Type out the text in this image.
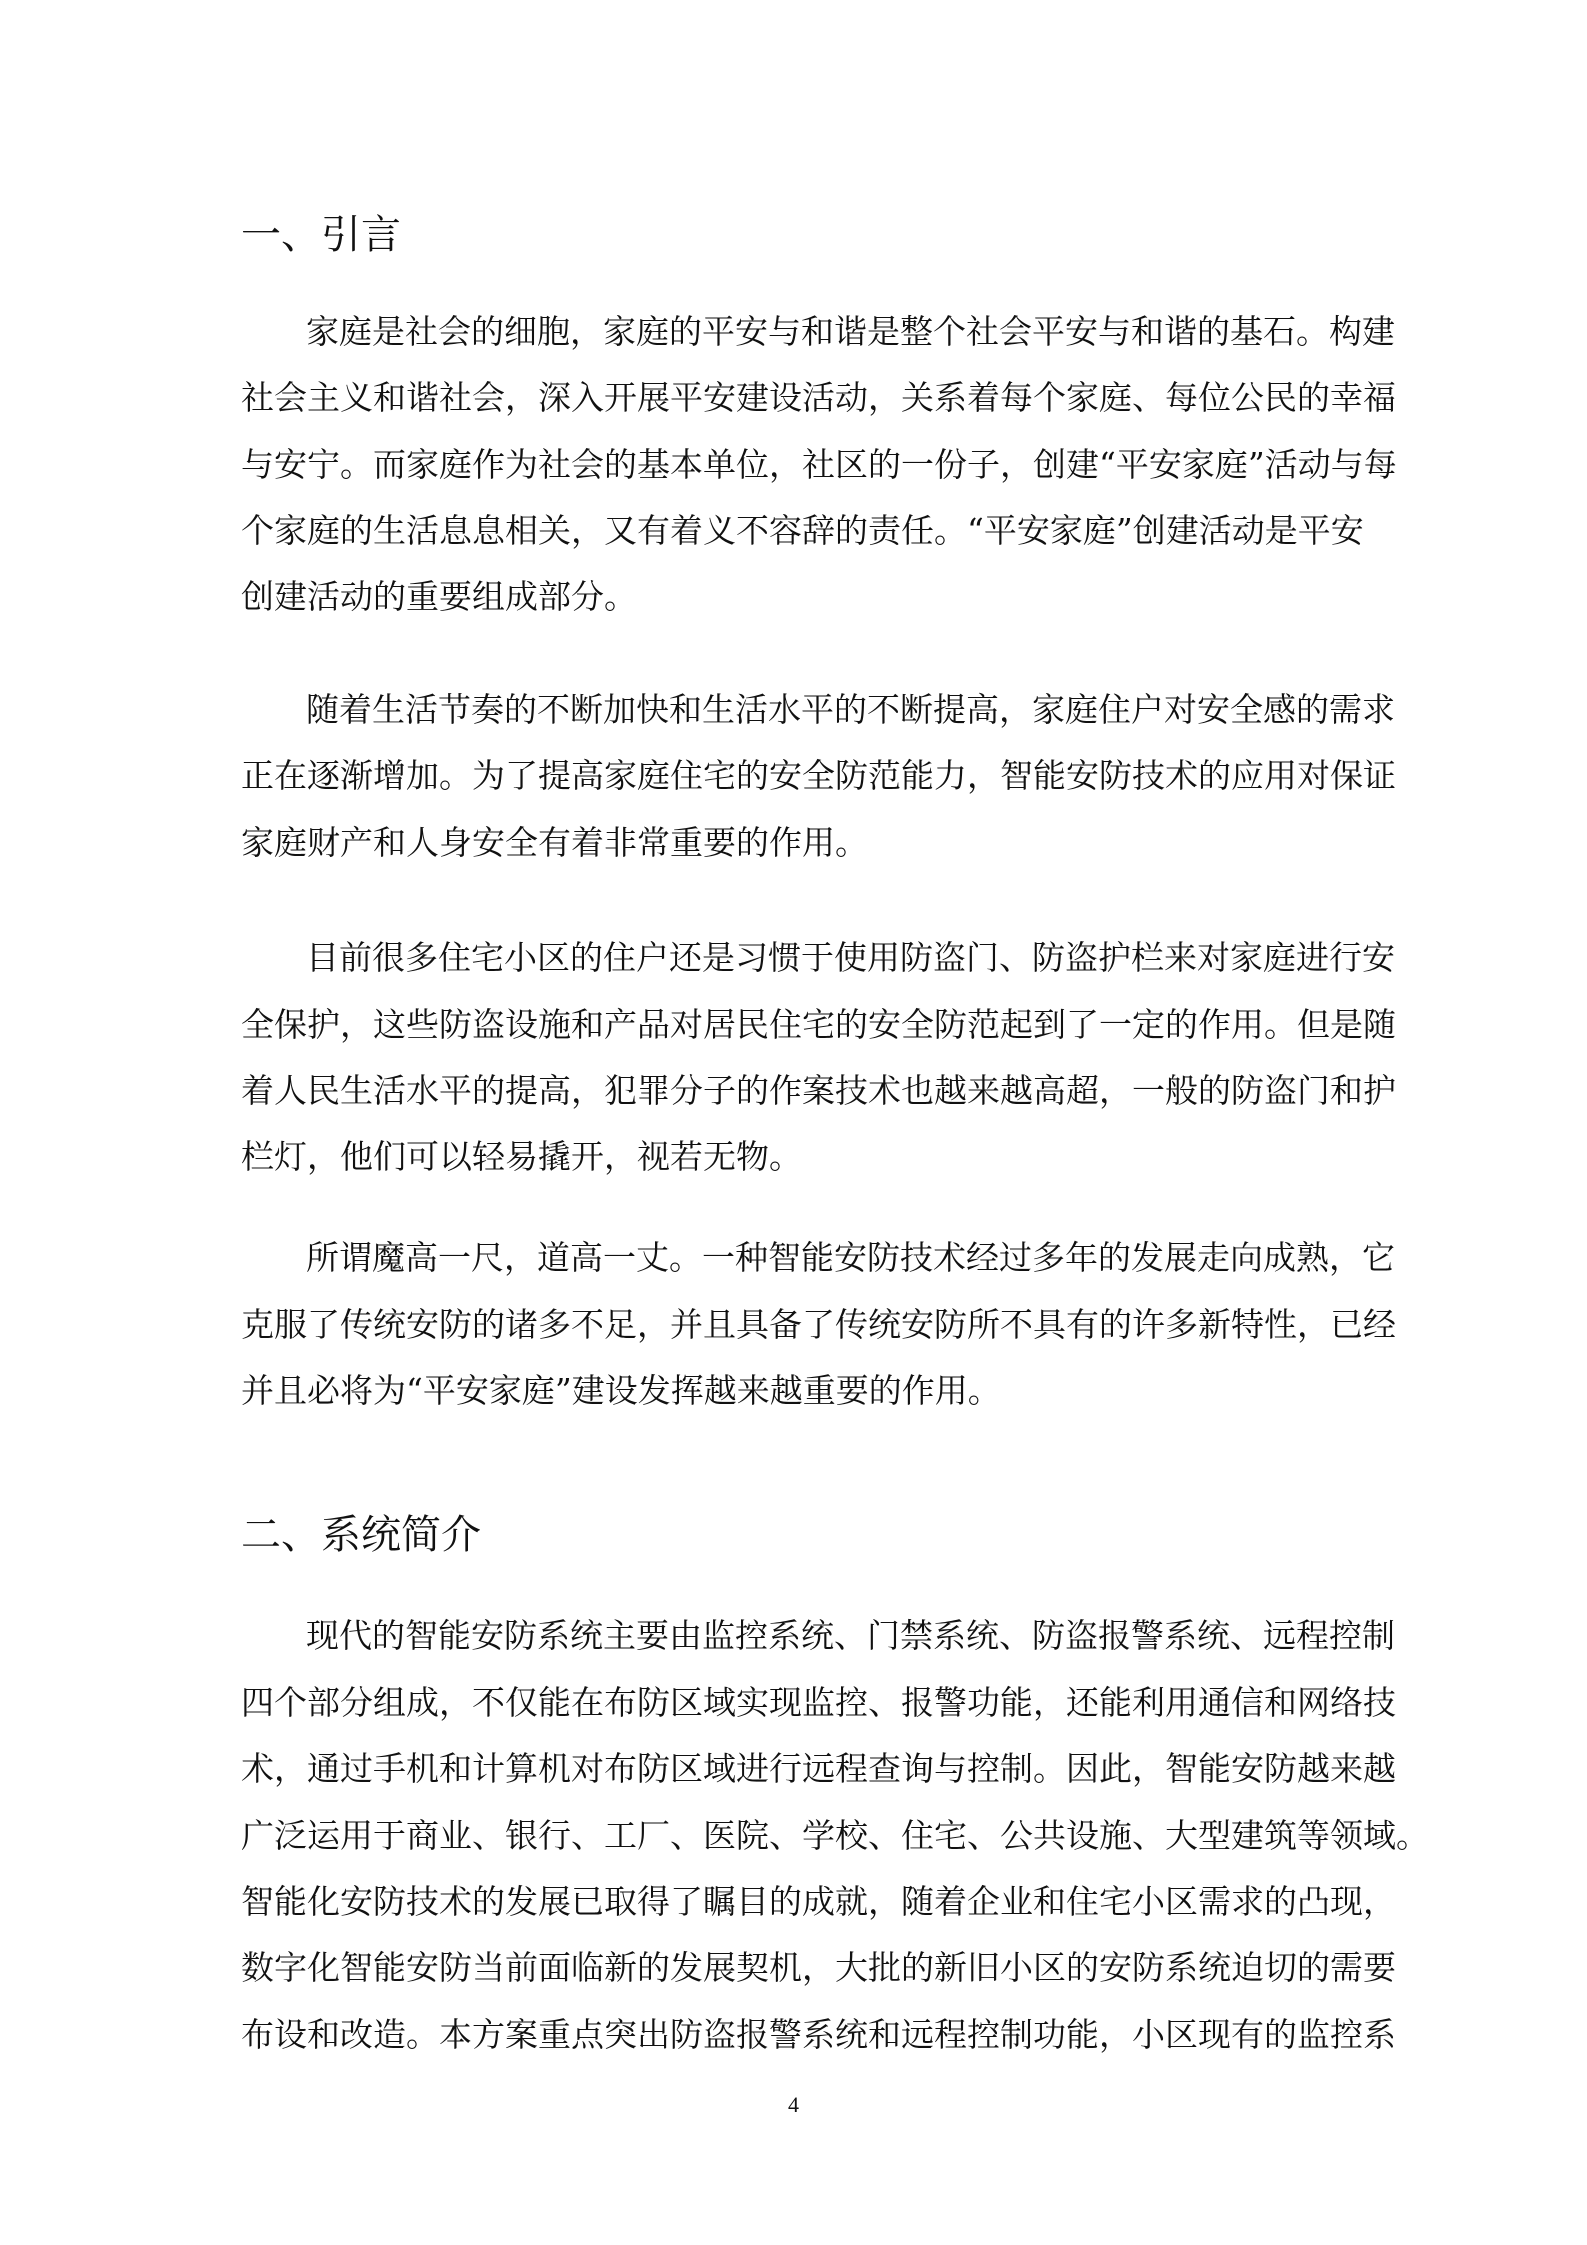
一、引言
二、系统简介
4
家庭是社会的细胞，家庭的平安与和谐是整个社会平安与和谐的基石。构建
社会主义和谐社会，深入开展平安建设活动，关系着每个家庭、每位公民的幸福
与安宁。而家庭作为社会的基本单位，社区的一份子，创建“平安家庭”活动与每
个家庭的生活息息相关，又有着义不容辞的责任。“平安家庭”创建活动是平安
创建活动的重要组成部分。
随着生活节奏的不断加快和生活水平的不断提高，家庭住户对安全感的需求
正在逐渐增加。为了提高家庭住宅的安全防范能力，智能安防技术的应用对保证
家庭财产和人身安全有着非常重要的作用。
目前很多住宅小区的住户还是习惯于使用防盗门、防盗护栏来对家庭进行安
全保护，这些防盗设施和产品对居民住宅的安全防范起到了一定的作用。但是随
着人民生活水平的提高，犯罪分子的作案技术也越来越高超，一般的防盗门和护
栏灯，他们可以轻易撬开，视若无物。
所谓魔高一尺，道高一丈。一种智能安防技术经过多年的发展走向成熟，它
克服了传统安防的诸多不足，并且具备了传统安防所不具有的许多新特性，已经
并且必将为“平安家庭”建设发挥越来越重要的作用。
现代的智能安防系统主要由监控系统、门禁系统、防盗报警系统、远程控制
四个部分组成，不仅能在布防区域实现监控、报警功能，还能利用通信和网络技
术，通过手机和计算机对布防区域进行远程查询与控制。因此，智能安防越来越
广泛运用于商业、银行、工厂、医院、学校、住宅、公共设施、大型建筑等领域。
智能化安防技术的发展已取得了瞩目的成就，随着企业和住宅小区需求的凸现，
数字化智能安防当前面临新的发展契机，大批的新旧小区的安防系统迫切的需要
布设和改造。本方案重点突出防盗报警系统和远程控制功能，小区现有的监控系
